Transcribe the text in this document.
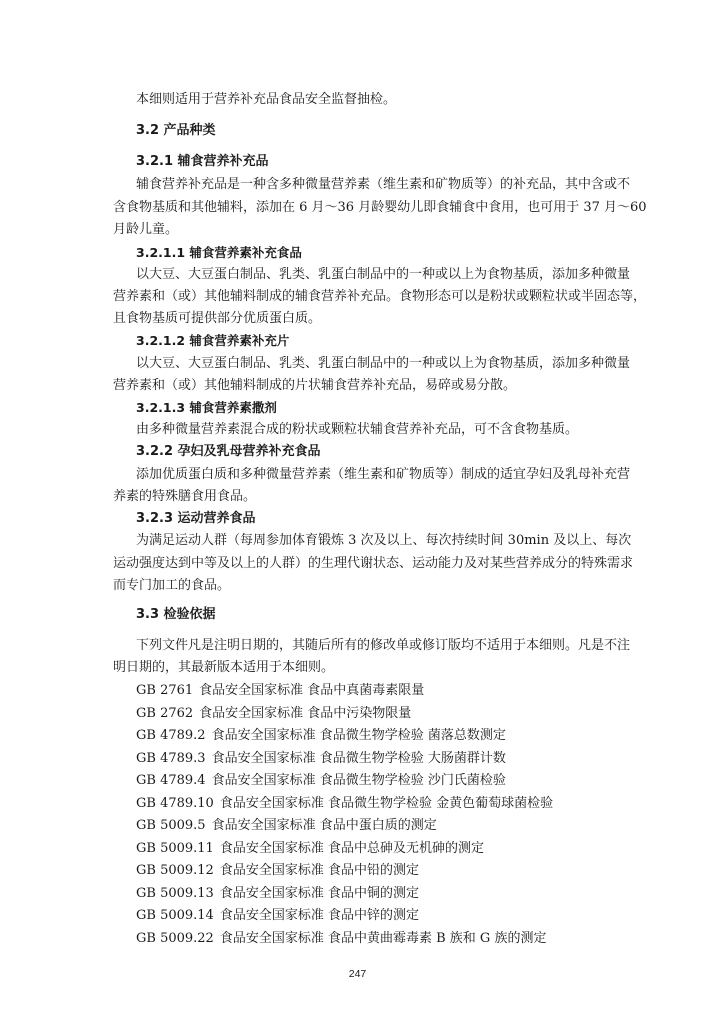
本细则适用于营养补充品食品安全监督抽检。
3.2 产品种类
3.2.1 辅食营养补充品
辅食营养补充品是一种含多种微量营养素（维生素和矿物质等）的补充品，其中含或不
含食物基质和其他辅料，添加在 6 月～36 月龄婴幼儿即食辅食中食用，也可用于 37 月～60
月龄儿童。
3.2.1.1 辅食营养素补充食品
以大豆、大豆蛋白制品、乳类、乳蛋白制品中的一种或以上为食物基质，添加多种微量
营养素和（或）其他辅料制成的辅食营养补充品。食物形态可以是粉状或颗粒状或半固态等，
且食物基质可提供部分优质蛋白质。
3.2.1.2 辅食营养素补充片
以大豆、大豆蛋白制品、乳类、乳蛋白制品中的一种或以上为食物基质，添加多种微量
营养素和（或）其他辅料制成的片状辅食营养补充品，易碎或易分散。
3.2.1.3 辅食营养素撒剂
由多种微量营养素混合成的粉状或颗粒状辅食营养补充品，可不含食物基质。
3.2.2 孕妇及乳母营养补充食品
添加优质蛋白质和多种微量营养素（维生素和矿物质等）制成的适宜孕妇及乳母补充营
养素的特殊膳食用食品。
3.2.3 运动营养食品
为满足运动人群（每周参加体育锻炼 3 次及以上、每次持续时间 30min 及以上、每次
运动强度达到中等及以上的人群）的生理代谢状态、运动能力及对某些营养成分的特殊需求
而专门加工的食品。
3.3 检验依据
下列文件凡是注明日期的，其随后所有的修改单或修订版均不适用于本细则。凡是不注
明日期的，其最新版本适用于本细则。
GB 2761 食品安全国家标准 食品中真菌毒素限量
GB 2762 食品安全国家标准 食品中污染物限量
GB 4789.2 食品安全国家标准 食品微生物学检验 菌落总数测定
GB 4789.3 食品安全国家标准 食品微生物学检验 大肠菌群计数
GB 4789.4 食品安全国家标准 食品微生物学检验 沙门氏菌检验
GB 4789.10 食品安全国家标准 食品微生物学检验 金黄色葡萄球菌检验
GB 5009.5 食品安全国家标准 食品中蛋白质的测定
GB 5009.11 食品安全国家标准 食品中总砷及无机砷的测定
GB 5009.12 食品安全国家标准 食品中铅的测定
GB 5009.13 食品安全国家标准 食品中铜的测定
GB 5009.14 食品安全国家标准 食品中锌的测定
GB 5009.22 食品安全国家标准 食品中黄曲霉毒素 B 族和 G 族的测定
247
